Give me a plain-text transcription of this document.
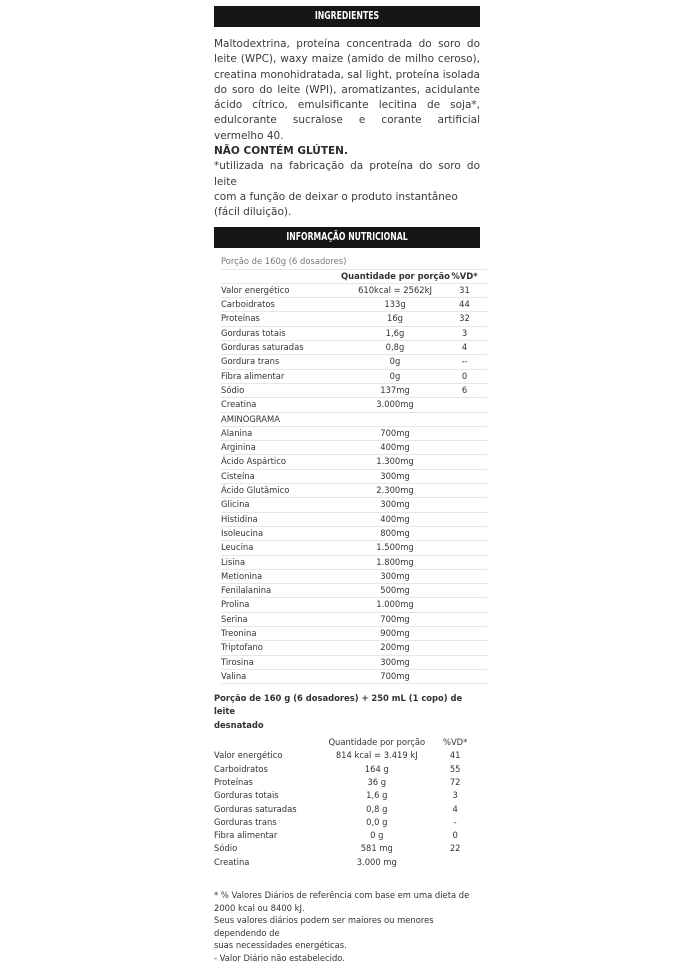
INGREDIENTES

Maltodextrina, proteína concentrada do soro do leite (WPC), waxy maize (amido de milho ceroso), creatina monohidratada, sal light, proteína isolada do soro do leite (WPI), aromatizantes, acidulante ácido cítrico, emulsificante lecitina de soja*, edulcorante sucralose e corante artificial vermelho 40.

NÃO CONTÉM GLÚTEN.

*utilizada na fabricação da proteína do soro do leite
com a função de deixar o produto instantâneo
(fácil diluição).
INFORMAÇÃO NUTRICIONAL
Porção de 160g (6 dosadores)
Quantidade por porção %VD*
Valor energético	610kcal = 2562kJ	31
Carboidratos	133g	44
Proteínas	16g	32
Gorduras totais	1,6g	3
Gorduras saturadas	0,8g	4
Gordura trans	0g	--
Fibra alimentar	0g	0
Sódio	137mg	6
Creatina	3.000mg
AMINOGRAMA
Alanina	700mg
Arginina	400mg
Ácido Aspártico	1.300mg
Cisteína	300mg
Ácido Glutâmico	2.300mg
Glicina	300mg
Histidina	400mg
Isoleucina	800mg
Leucina	1.500mg
Lisina	1.800mg
Metionina	300mg
Fenilalanina	500mg
Prolina	1.000mg
Serina	700mg
Treonina	900mg
Triptofano	200mg
Tirosina	300mg
Valina	700mg
Porção de 160 g (6 dosadores) + 250 mL (1 copo) de leite
desnatado
Quantidade por porção	%VD*
Valor energético	814 kcal = 3.419 kJ	41
Carboidratos	164 g	55
Proteínas	36 g	72
Gorduras totais	1,6 g	3
Gorduras saturadas	0,8 g	4
Gorduras trans	0,0 g	-
Fibra alimentar	0 g	0
Sódio	581 mg	22
Creatina	3.000 mg
* % Valores Diários de referência com base em uma dieta de
2000 kcal ou 8400 kJ.
Seus valores diários podem ser maiores ou menores
dependendo de
suas necessidades energéticas.
- Valor Diário não estabelecido.
